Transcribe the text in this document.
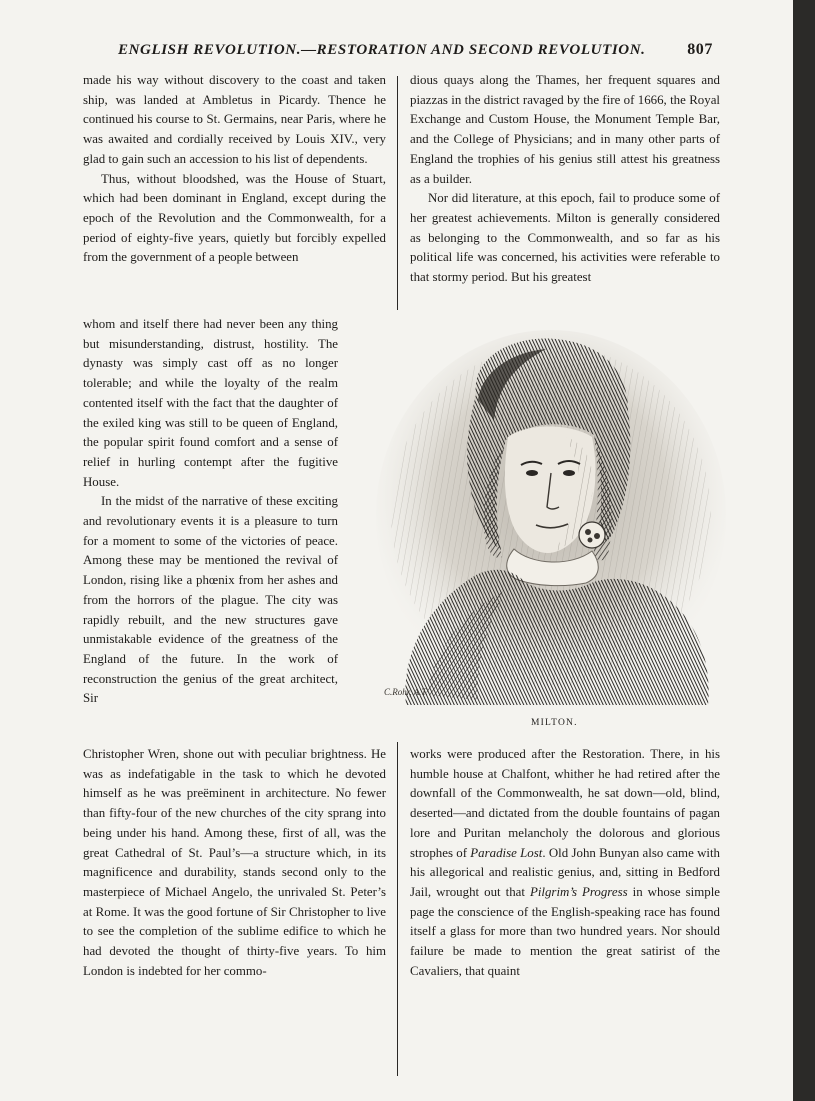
ENGLISH REVOLUTION.—RESTORATION AND SECOND REVOLUTION.	807

made his way without discovery to the coast and taken ship, was landed at Ambletus in Picardy. Thence he continued his course to St. Germains, near Paris, where he was awaited and cordially received by Louis XIV., very glad to gain such an accession to his list of dependents.

Thus, without bloodshed, was the House of Stuart, which had been dominant in England, except during the epoch of the Revolution and the Commonwealth, for a period of eighty-five years, quietly but forcibly expelled from the government of a people between

whom and itself there had never been any thing but misunderstanding, distrust, hostility. The dynasty was simply cast off as no longer tolerable; and while the loyalty of the realm contented itself with the fact that the daughter of the exiled king was still to be queen of England, the popular spirit found comfort and a sense of relief in hurling contempt after the fugitive House.

In the midst of the narrative of these exciting and revolutionary events it is a pleasure to turn for a moment to some of the victories of peace. Among these may be mentioned the revival of London, rising like a phœnix from her ashes and from the horrors of the plague. The city was rapidly rebuilt, and the new structures gave unmistakable evidence of the greatness of the England of the future. In the work of reconstruction the genius of the great architect, Sir

Christopher Wren, shone out with peculiar brightness. He was as indefatigable in the task to which he devoted himself as he was preëminent in architecture. No fewer than fifty-four of the new churches of the city sprang into being under his hand. Among these, first of all, was the great Cathedral of St. Paul’s—a structure which, in its magnificence and durability, stands second only to the masterpiece of Michael Angelo, the unrivaled St. Peter’s at Rome. It was the good fortune of Sir Christopher to live to see the completion of the sublime edifice to which he had devoted the thought of thirty-five years. To him London is indebted for her commo-

dious quays along the Thames, her frequent squares and piazzas in the district ravaged by the fire of 1666, the Royal Exchange and Custom House, the Monument Temple Bar, and the College of Physicians; and in many other parts of England the trophies of his genius still attest his greatness as a builder.

Nor did literature, at this epoch, fail to produce some of her greatest achievements. Milton is generally considered as belonging to the Commonwealth, and so far as his political life was concerned, his activities were referable to that stormy period. But his greatest

C.Rohr, A.T.
MILTON.

works were produced after the Restoration. There, in his humble house at Chalfont, whither he had retired after the downfall of the Commonwealth, he sat down—old, blind, deserted—and dictated from the double fountains of pagan lore and Puritan melancholy the dolorous and glorious strophes of Paradise Lost. Old John Bunyan also came with his allegorical and realistic genius, and, sitting in Bedford Jail, wrought out that Pilgrim’s Progress in whose simple page the conscience of the English-speaking race has found itself a glass for more than two hundred years. Nor should failure be made to mention the great satirist of the Cavaliers, that quaint
